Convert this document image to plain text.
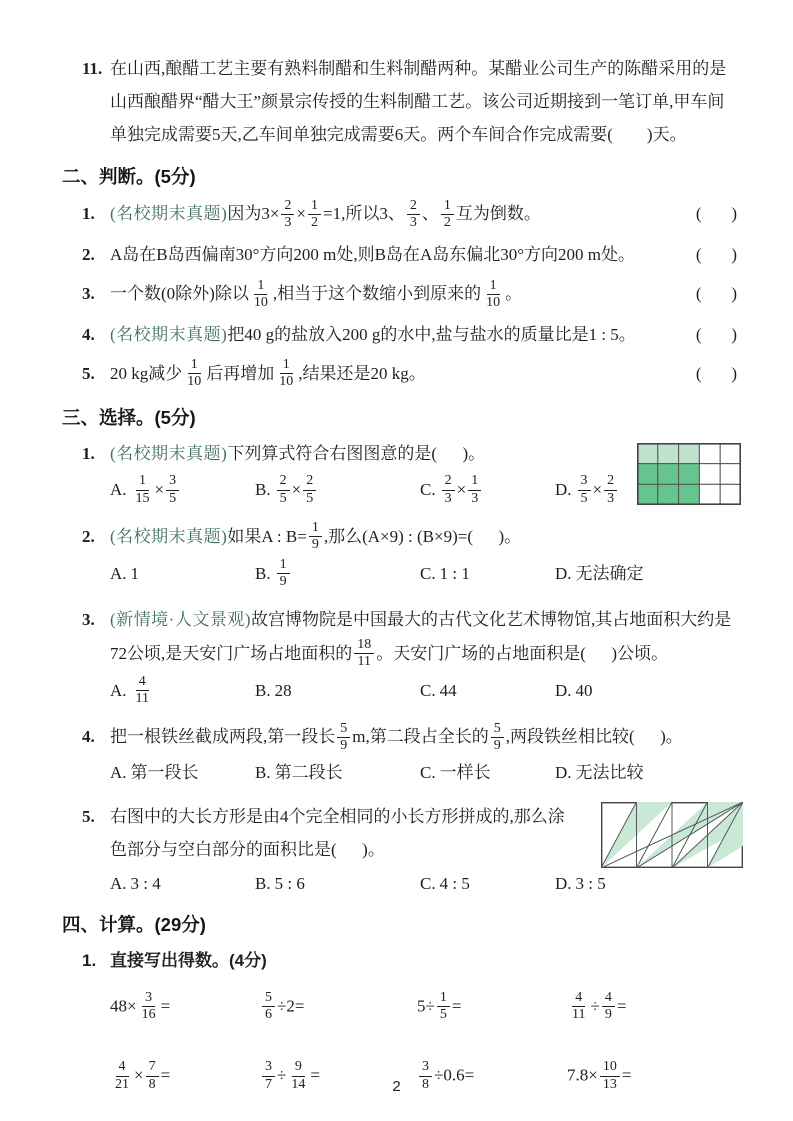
11. 在山西,酿醋工艺主要有熟料制醋和生料制醋两种。某醋业公司生产的陈醋采用的是山西酿醋界“醋大王”颜景宗传授的生料制醋工艺。该公司近期接到一笔订单,甲车间单独完成需要5天,乙车间单独完成需要6天。两个车间合作完成需要(        )天。
二、判断。(5分)
1. (名校期末真题)因为$3\times \frac{2}{3} \times \frac{1}{2} =1$,所以3、 $\frac{2}{3}$ 、 $\frac{1}{2}$ 互为倒数。	(       )
2. A岛在B岛西偏南30°方向200 m处,则B岛在A岛东偏北30°方向200 m处。	(       )
3. 一个数(0除外)除以 $\frac{1}{10}$ ,相当于这个数缩小到原来的 $\frac{1}{10}$ 。	(       )
4. (名校期末真题)把40 g的盐放入200 g的水中,盐与盐水的质量比是1 : 5。	(       )
5. 20 kg减少 $\frac{1}{10}$ 后再增加 $\frac{1}{10}$ ,结果还是20 kg。	(       )
三、选择。(5分)
1. (名校期末真题)下列算式符合右图图意的是(      )。
A. $\frac{1}{15} \times \frac{3}{5}$	B. $\frac{2}{5} \times \frac{2}{5}$	C. $\frac{2}{3} \times \frac{1}{3}$	D. $\frac{3}{5} \times \frac{2}{3}$
2. (名校期末真题)如果A : $B= \frac{1}{9}$ ,那么(A×9) : (B×9)=(      )。
A. 1	B. $\frac{1}{9}$	C. 1 : 1	D. 无法确定
3. (新情境·人文景观)故宫博物院是中国最大的古代文化艺术博物馆,其占地面积大约是72公顷,是天安门广场占地面积的 $\frac{18}{11}$ 。天安门广场的占地面积是(      )公顷。
A. $\frac{4}{11}$	B. 28	C. 44	D. 40
4. 把一根铁丝截成两段,第一段长 $\frac{5}{9} m$,第二段占全长的 $\frac{5}{9}$ ,两段铁丝相比较(      )。
A. 第一段长	B. 第二段长	C. 一样长	D. 无法比较
5. 右图中的大长方形是由4个完全相同的小长方形拼成的,那么涂色部分与空白部分的面积比是(      )。
A. 3 : 4	B. 5 : 6	C. 4 : 5	D. 3 : 5
四、计算。(29分)
1. 直接写出得数。(4分)
$48\times \frac{3}{16}$ =	$\frac{5}{6} \div 2=$	$5\div \frac{1}{5}$ =	$\frac{4}{11} \div \frac{4}{9}$ =
$\frac{4}{21} \times \frac{7}{8}$ =	$\frac{3}{7} \div \frac{9}{14}$ =	$\frac{3}{8} \div 0.6=$	$7.8\times \frac{10}{13}$ =
2
